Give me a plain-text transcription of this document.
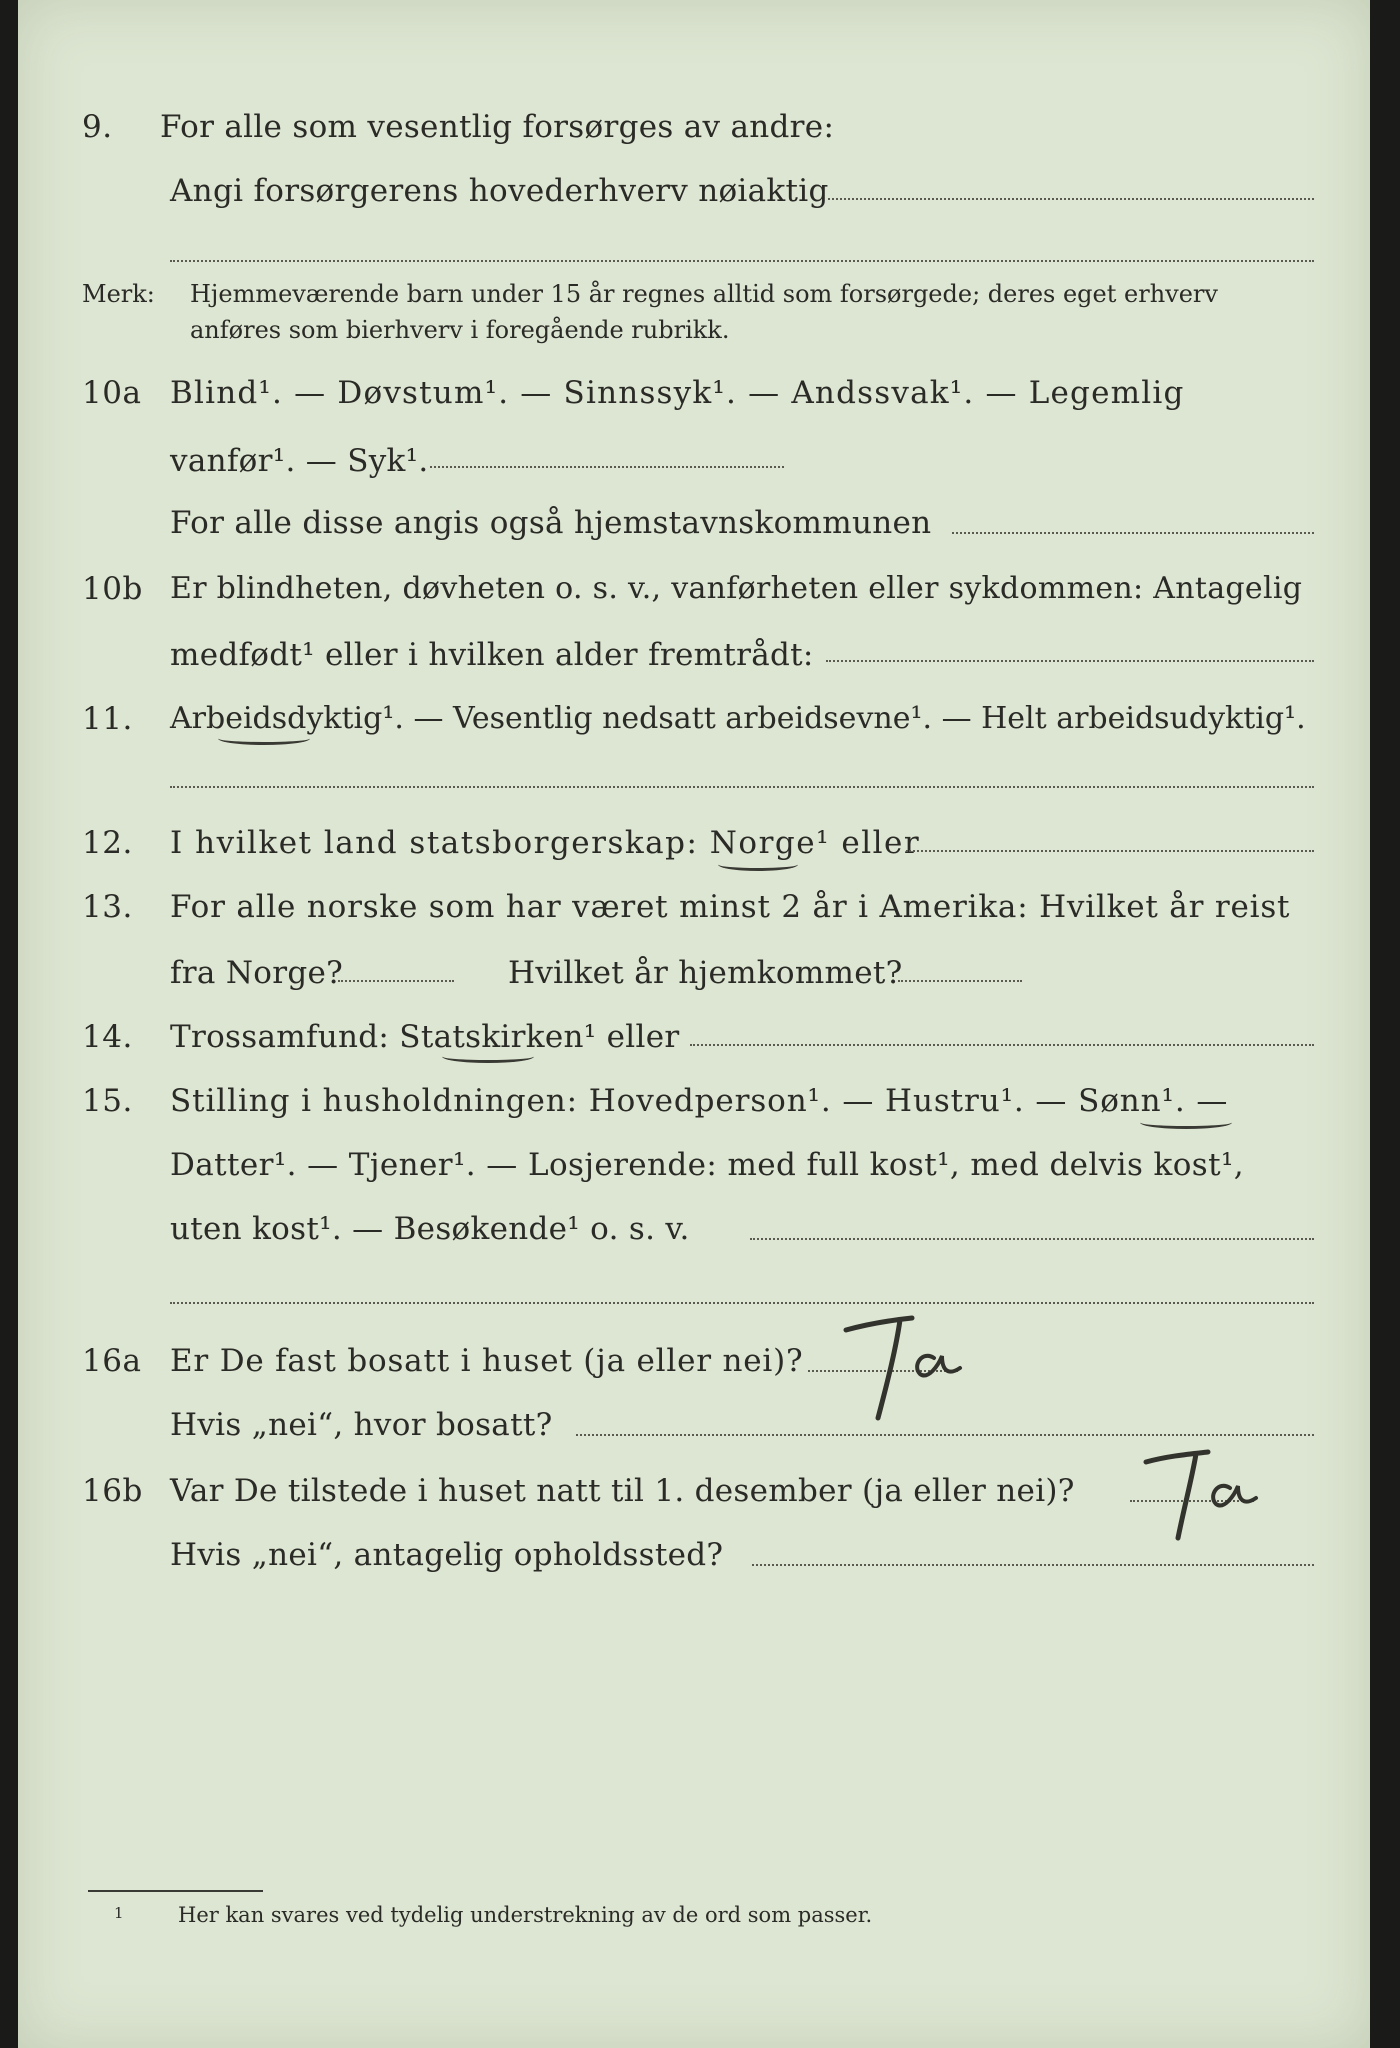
9.	For alle som vesentlig forsørges av andre:
Angi forsørgerens hovederhverv nøiaktig
Merk: Hjemmeværende barn under 15 år regnes alltid som forsørgede; deres eget erhverv
anføres som bierhverv i foregående rubrikk.
10a Blind¹. — Døvstum¹. — Sinnssyk¹. — Andssvak¹. — Legemlig
vanfør¹. — Syk¹.
For alle disse angis også hjemstavnskommunen
10b Er blindheten, døvheten o. s. v., vanførheten eller sykdommen: Antagelig
medfødt¹ eller i hvilken alder fremtrådt:
11.	Arbeidsdyktig¹. — Vesentlig nedsatt arbeidsevne¹. — Helt arbeidsudyktig¹.
12.	I hvilket land statsborgerskap: Norge¹ eller
13.	For alle norske som har været minst 2 år i Amerika: Hvilket år reist
fra Norge?	Hvilket år hjemkommet?
14.	Trossamfund: Statskirken¹ eller
15.	Stilling i husholdningen: Hovedperson¹. — Hustru¹. — Sønn¹. —
Datter¹. — Tjener¹. — Losjerende: med full kost¹, med delvis kost¹,
uten kost¹. — Besøkende¹ o. s. v.
16a Er De fast bosatt i huset (ja eller nei)?
Hvis „nei“, hvor bosatt?
16b Var De tilstede i huset natt til 1. desember (ja eller nei)?
Hvis „nei“, antagelig opholdssted?
1	Her kan svares ved tydelig understrekning av de ord som passer.
